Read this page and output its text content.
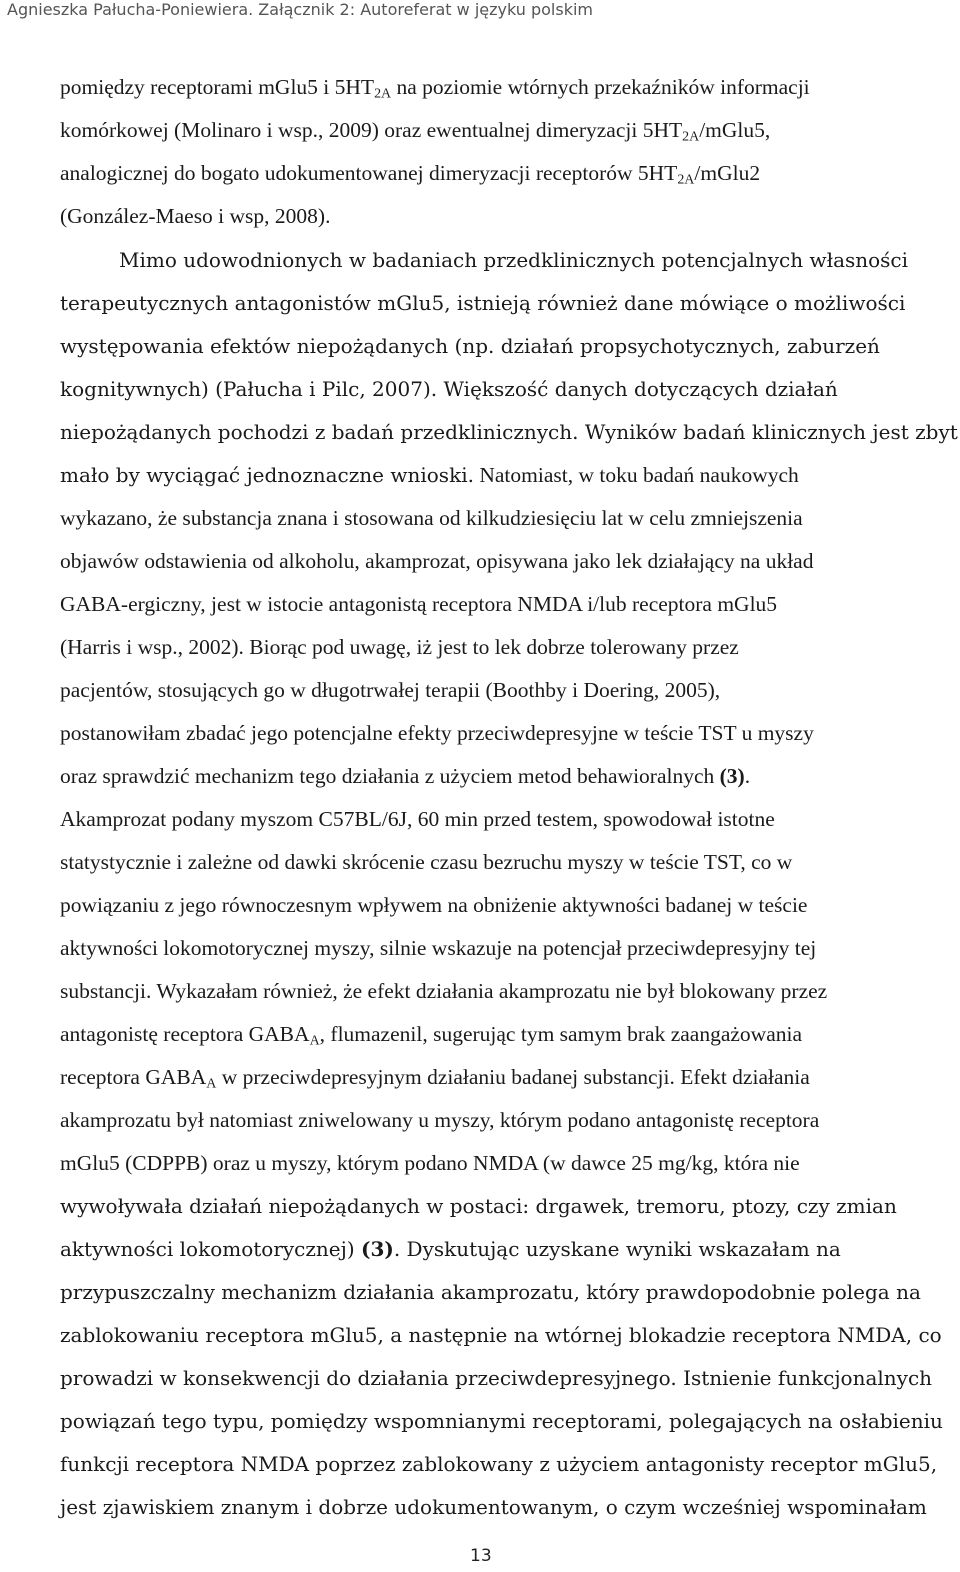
Agnieszka Pałucha-Poniewiera. Załącznik 2: Autoreferat w języku polskim
pomiędzy receptorami mGlu5 i $5HT_{2A}$ na poziomie wtórnych przekaźników informacji
komórkowej (Molinaro i wsp., 2009) oraz ewentualnej dimeryzacji $5HT_{2A}/mGlu5$,
analogicznej do bogato udokumentowanej dimeryzacji receptorów $5HT_{2A}/mGlu2$
(González-Maeso i wsp, 2008).
Mimo udowodnionych w badaniach przedklinicznych potencjalnych własności
terapeutycznych antagonistów mGlu5, istnieją również dane mówiące o możliwości
występowania efektów niepożądanych (np. działań propsychotycznych, zaburzeń
kognitywnych) (Pałucha i Pilc, 2007). Większość danych dotyczących działań
niepożądanych pochodzi z badań przedklinicznych. Wyników badań klinicznych jest zbyt
mało by wyciągać jednoznaczne wnioski. Natomiast, w toku badań naukowych
wykazano, że substancja znana i stosowana od kilkudziesięciu lat w celu zmniejszenia
objawów odstawienia od alkoholu, akamprozat, opisywana jako lek działający na układ
GABA-ergiczny, jest w istocie antagonistą receptora NMDA i/lub receptora mGlu5
(Harris i wsp., 2002). Biorąc pod uwagę, iż jest to lek dobrze tolerowany przez
pacjentów, stosujących go w długotrwałej terapii (Boothby i Doering, 2005),
postanowiłam zbadać jego potencjalne efekty przeciwdepresyjne w teście TST u myszy
oraz sprawdzić mechanizm tego działania z użyciem metod behawioralnych (3).
Akamprozat podany myszom C57BL/6J, 60 min przed testem, spowodował istotne
statystycznie i zależne od dawki skrócenie czasu bezruchu myszy w teście TST, co w
powiązaniu z jego równoczesnym wpływem na obniżenie aktywności badanej w teście
aktywności lokomotorycznej myszy, silnie wskazuje na potencjał przeciwdepresyjny tej
substancji. Wykazałam również, że efekt działania akamprozatu nie był blokowany przez
antagonistę receptora $GABA_A$, flumazenil, sugerując tym samym brak zaangażowania
receptora $GABA_A$ w przeciwdepresyjnym działaniu badanej substancji. Efekt działania
akamprozatu był natomiast zniwelowany u myszy, którym podano antagonistę receptora
mGlu5 (CDPPB) oraz u myszy, którym podano NMDA (w dawce 25 mg/kg, która nie
wywoływała działań niepożądanych w postaci: drgawek, tremoru, ptozy, czy zmian
aktywności lokomotorycznej) (3). Dyskutując uzyskane wyniki wskazałam na
przypuszczalny mechanizm działania akamprozatu, który prawdopodobnie polega na
zablokowaniu receptora mGlu5, a następnie na wtórnej blokadzie receptora NMDA, co
prowadzi w konsekwencji do działania przeciwdepresyjnego. Istnienie funkcjonalnych
powiązań tego typu, pomiędzy wspomnianymi receptorami, polegających na osłabieniu
funkcji receptora NMDA poprzez zablokowany z użyciem antagonisty receptor mGlu5,
jest zjawiskiem znanym i dobrze udokumentowanym, o czym wcześniej wspominałam
13
